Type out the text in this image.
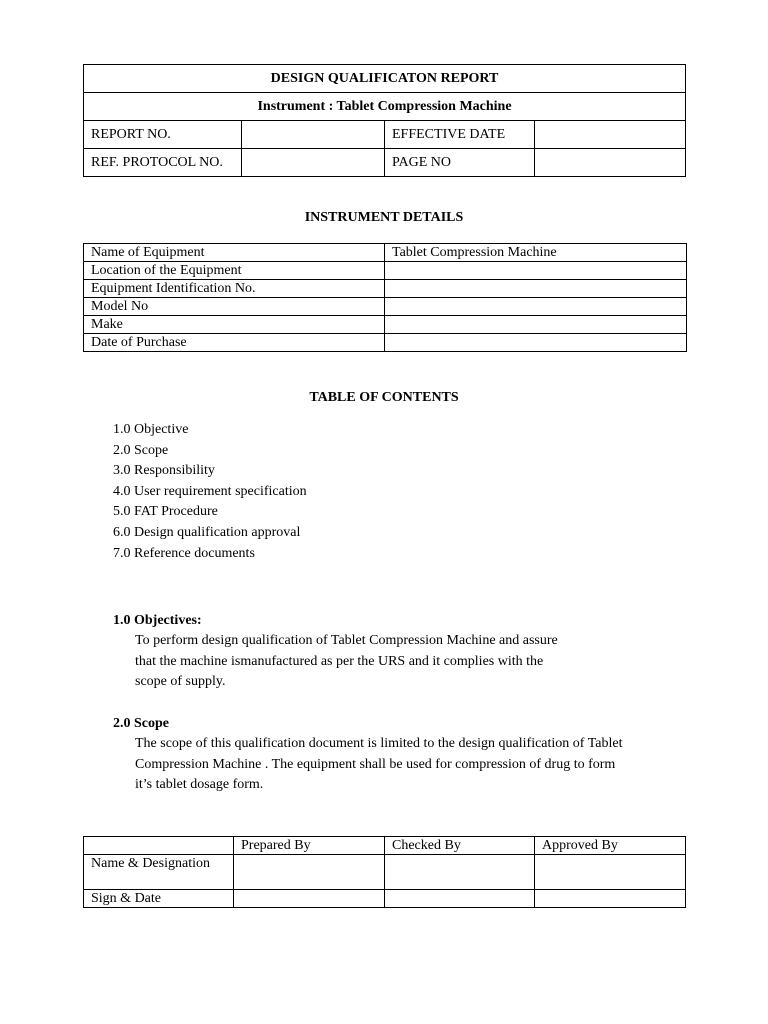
DESIGN QUALIFICATON REPORT			
Instrument : Tablet Compression Machine			
REPORT NO.		EFFECTIVE DATE	
REF. PROTOCOL NO.		PAGE NO	
INSTRUMENT DETAILS
Name of Equipment	Tablet Compression Machine
Location of the Equipment	
Equipment Identification No.	
Model No	
Make	
Date of Purchase	
TABLE OF CONTENTS
1.0 Objective
2.0 Scope
3.0 Responsibility
4.0 User requirement specification
5.0 FAT Procedure
6.0 Design qualification approval
7.0 Reference documents
1.0 Objectives:
To perform design qualification of Tablet Compression Machine and assure
that the machine ismanufactured as per the URS and it complies with the
scope of supply.
2.0 Scope
The scope of this qualification document is limited to the design qualification of Tablet
Compression Machine . The equipment shall be used for compression of drug to form
it’s tablet dosage form.
	Prepared By	Checked By	Approved By
Name & Designation			
Sign & Date			
